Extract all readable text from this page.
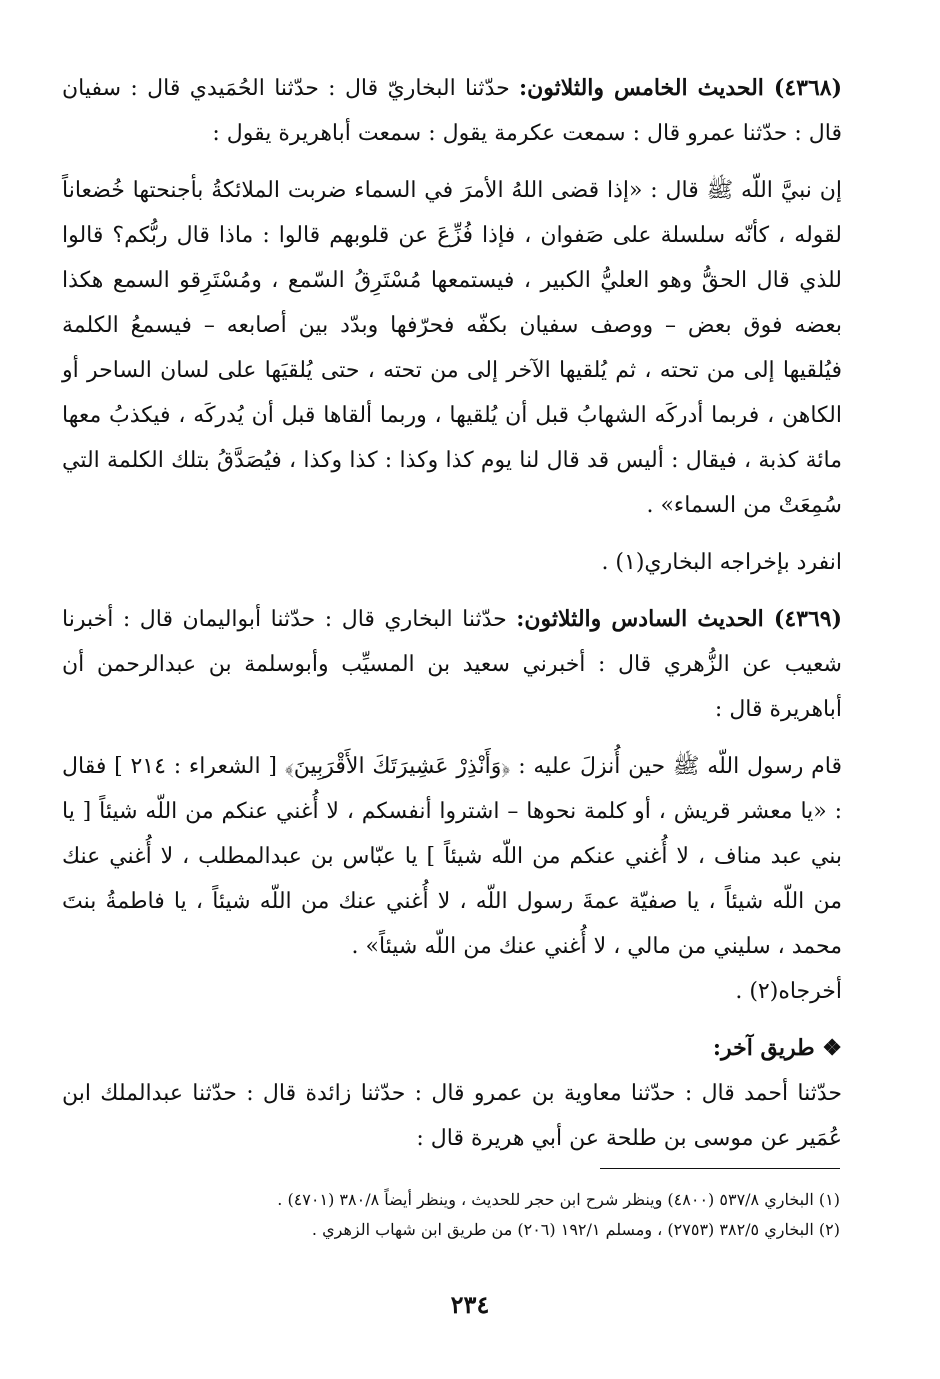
(٤٣٦٨) الحديث الخامس والثلاثون: حدّثنا البخاريّ قال : حدّثنا الحُمَيدي قال : سفيان قال : حدّثنا عمرو قال : سمعت عكرمة يقول : سمعت أباهريرة يقول :

إن نبيَّ اللّه ﷺ قال : «إذا قضى اللهُ الأمرَ في السماء ضربت الملائكةُ بأجنحتها خُضعاناً لقوله ، كأنّه سلسلة على صَفوان ، فإذا فُزِّعَ عن قلوبهم قالوا : ماذا قال ربُّكم؟ قالوا للذي قال الحقُّ وهو العليُّ الكبير ، فيستمعها مُسْتَرِقُ السّمع ، ومُسْتَرِقو السمع هكذا بعضه فوق بعض – ووصف سفيان بكفّه فحرّفها وبدّد بين أصابعه – فيسمعُ الكلمة فيُلقيها إلى من تحته ، ثم يُلقيها الآخر إلى من تحته ، حتى يُلقيَها على لسان الساحر أو الكاهن ، فربما أدركَه الشهابُ قبل أن يُلقيها ، وربما ألقاها قبل أن يُدركَه ، فيكذبُ معها مائة كذبة ، فيقال : أليس قد قال لنا يوم كذا وكذا : كذا وكذا ، فيُصَدَّقُ بتلك الكلمة التي سُمِعَتْ من السماء» .

انفرد بإخراجه البخاري(١) .

(٤٣٦٩) الحديث السادس والثلاثون: حدّثنا البخاري قال : حدّثنا أبواليمان قال : أخبرنا شعيب عن الزُّهري قال : أخبرني سعيد بن المسيِّب وأبوسلمة بن عبدالرحمن أن أباهريرة قال :

قام رسول اللّه ﷺ حين أُنزلَ عليه : ﴿وَأَنْذِرْ عَشِيرَتَكَ الأَقْرَبِينَ﴾ [ الشعراء : ٢١٤ ] فقال : «يا معشر قريش ، أو كلمة نحوها – اشتروا أنفسكم ، لا أُغني عنكم من اللّه شيئاً [ يا بني عبد مناف ، لا أُغني عنكم من اللّه شيئاً ] يا عبّاس بن عبدالمطلب ، لا أُغني عنك من اللّه شيئاً ، يا صفيّة عمةَ رسول اللّه ، لا أُغني عنك من اللّه شيئاً ، يا فاطمةُ بنتَ محمد ، سليني من مالي ، لا أُغني عنك من اللّه شيئاً» .

أخرجاه(٢) .

❖ طريق آخر:

حدّثنا أحمد قال : حدّثنا معاوية بن عمرو قال : حدّثنا زائدة قال : حدّثنا عبدالملك ابن عُمَير عن موسى بن طلحة عن أبي هريرة قال :

(١) البخاري ٥٣٧/٨ (٤٨٠٠) وينظر شرح ابن حجر للحديث ، وينظر أيضاً ٣٨٠/٨ (٤٧٠١) .
(٢) البخاري ٣٨٢/٥ (٢٧٥٣) ، ومسلم ١٩٢/١ (٢٠٦) من طريق ابن شهاب الزهري .
٢٣٤
